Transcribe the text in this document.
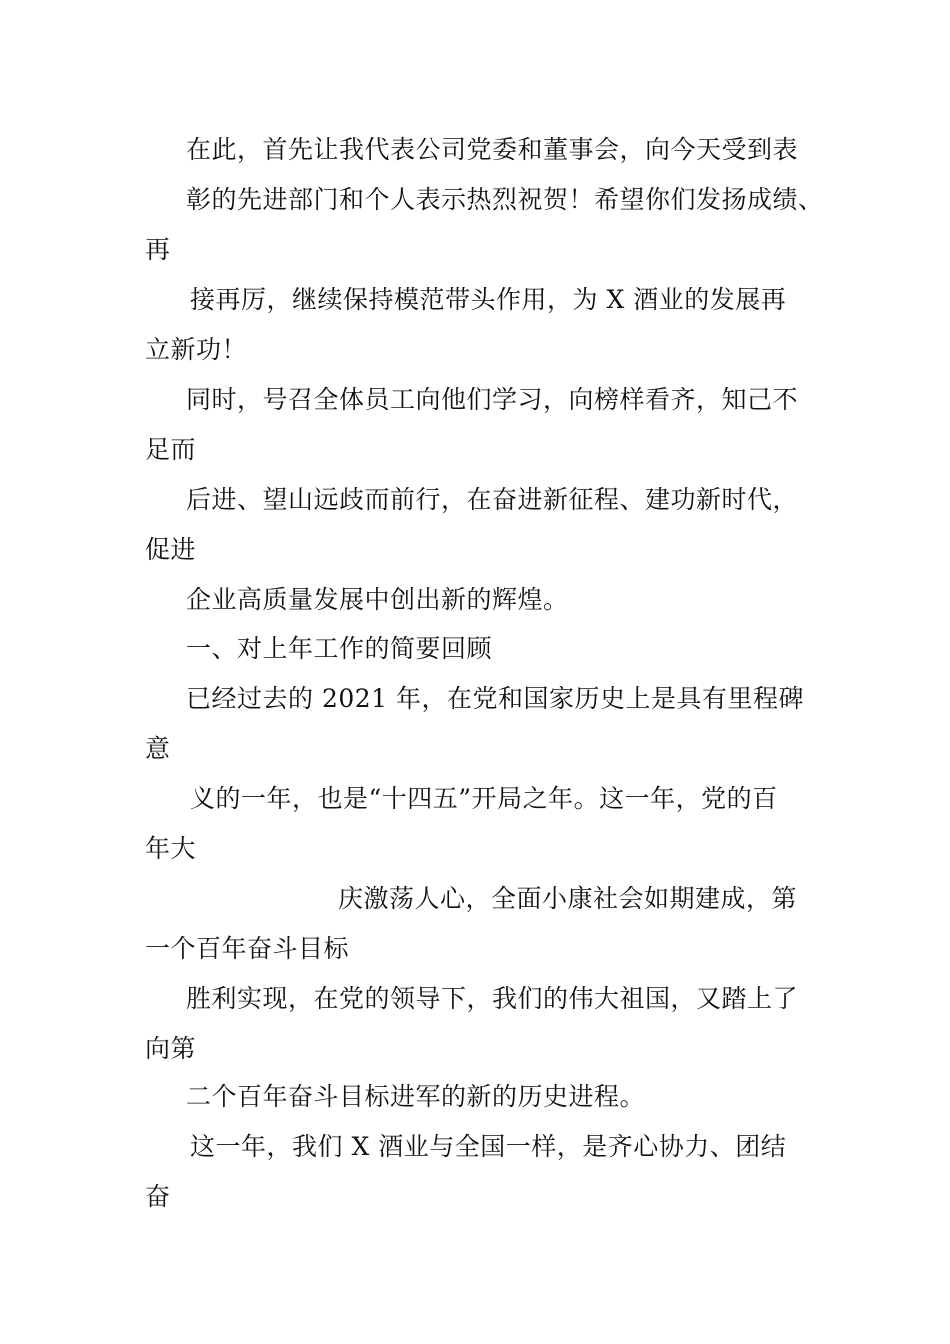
在此，首先让我代表公司党委和董事会，向今天受到表
彰的先进部门和个人表示热烈祝贺！希望你们发扬成绩、
再
接再厉，继续保持模范带头作用，为 X 酒业的发展再
立新功！
同时，号召全体员工向他们学习，向榜样看齐，知己不
足而
后进、望山远歧而前行，在奋进新征程、建功新时代，
促进
企业高质量发展中创出新的辉煌。
一、对上年工作的简要回顾
已经过去的 2021 年，在党和国家历史上是具有里程碑
意
义的一年，也是“十四五”开局之年。这一年，党的百
年大
庆激荡人心，全面小康社会如期建成，第
一个百年奋斗目标
胜利实现，在党的领导下，我们的伟大祖国，又踏上了
向第
二个百年奋斗目标进军的新的历史进程。
这一年，我们 X 酒业与全国一样，是齐心协力、团结
奋
